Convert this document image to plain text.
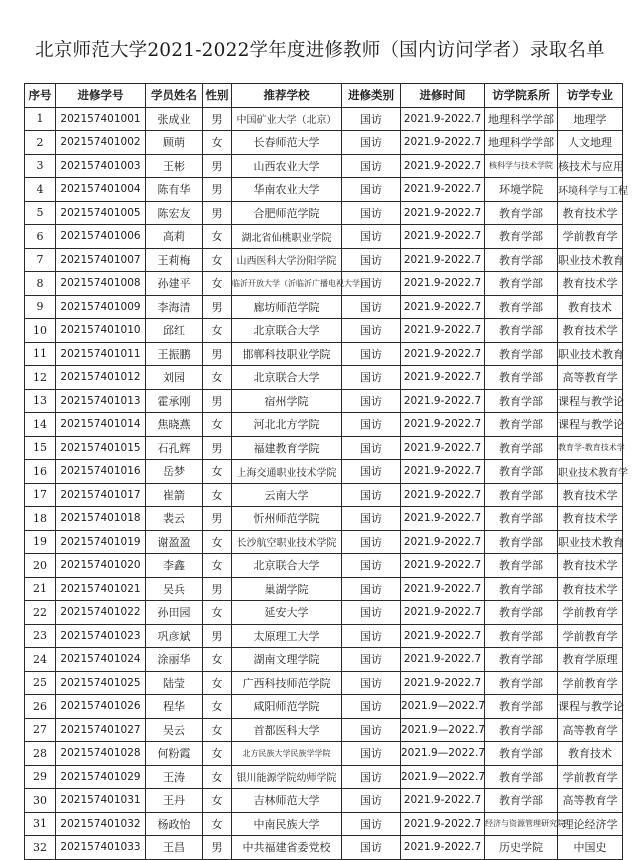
北京师范大学2021-2022学年度进修教师（国内访问学者）录取名单
序号	进修学号	学员姓名	性别	推荐学校	进修类别	进修时间	访学院系所	访学专业
1	202157401001	张成业	男	中国矿业大学（北京）	国访	2021.9-2022.7	地理科学学部	地理学
2	202157401002	顾萌	女	长春师范大学	国访	2021.9-2022.7	地理科学学部	人文地理
3	202157401003	王彬	男	山西农业大学	国访	2021.9-2022.7	核科学与技术学院	核技术与应用
4	202157401004	陈有华	男	华南农业大学	国访	2021.9-2022.7	环境学院	环境科学与工程
5	202157401005	陈宏友	男	合肥师范学院	国访	2021.9-2022.7	教育学部	教育技术学
6	202157401006	高莉	女	湖北省仙桃职业学院	国访	2021.9-2022.7	教育学部	学前教育学
7	202157401007	王莉梅	女	山西医科大学汾阳学院	国访	2021.9-2022.7	教育学部	职业技术教育
8	202157401008	孙建平	女	临沂开放大学（沂临沂广播电视大学）	国访	2021.9-2022.7	教育学部	教育技术学
9	202157401009	李海清	男	廊坊师范学院	国访	2021.9-2022.7	教育学部	教育技术
10	202157401010	邱红	女	北京联合大学	国访	2021.9-2022.7	教育学部	教育技术学
11	202157401011	王振鹏	男	邯郸科技职业学院	国访	2021.9-2022.7	教育学部	职业技术教育
12	202157401012	刘园	女	北京联合大学	国访	2021.9-2022.7	教育学部	高等教育学
13	202157401013	霍承刚	男	宿州学院	国访	2021.9-2022.7	教育学部	课程与教学论
14	202157401014	焦晓燕	女	河北北方学院	国访	2021.9-2022.7	教育学部	课程与教学论
15	202157401015	石孔辉	男	福建教育学院	国访	2021.9-2022.7	教育学部	教育学-教育技术学
16	202157401016	岳梦	女	上海交通职业技术学院	国访	2021.9-2022.7	教育学部	职业技术教育学
17	202157401017	崔箭	女	云南大学	国访	2021.9-2022.7	教育学部	教育技术学
18	202157401018	裴云	男	忻州师范学院	国访	2021.9-2022.7	教育学部	教育技术学
19	202157401019	谢盈盈	女	长沙航空职业技术学院	国访	2021.9-2022.7	教育学部	职业技术教育
20	202157401020	李鑫	女	北京联合大学	国访	2021.9-2022.7	教育学部	教育技术学
21	202157401021	吴兵	男	巢湖学院	国访	2021.9-2022.7	教育学部	教育技术学
22	202157401022	孙田园	女	延安大学	国访	2021.9-2022.7	教育学部	学前教育学
23	202157401023	巩彦斌	男	太原理工大学	国访	2021.9-2022.7	教育学部	学前教育学
24	202157401024	涂丽华	女	湖南文理学院	国访	2021.9-2022.7	教育学部	教育学原理
25	202157401025	陆莹	女	广西科技师范学院	国访	2021.9-2022.7	教育学部	学前教育学
26	202157401026	程华	女	咸阳师范学院	国访	2021.9—2022.7	教育学部	课程与教学论
27	202157401027	吴云	女	首都医科大学	国访	2021.9—2022.7	教育学部	高等教育学
28	202157401028	何粉霞	女	北方民族大学民族学学院	国访	2021.9—2022.7	教育学部	教育技术
29	202157401029	王涛	女	银川能源学院幼师学院	国访	2021.9—2022.7	教育学部	学前教育学
30	202157401031	王丹	女	吉林师范大学	国访	2021.9-2022.7	教育学部	高等教育学
31	202157401032	杨政怡	女	中南民族大学	国访	2021.9-2022.7	经济与资源管理研究院	理论经济学
32	202157401033	王昌	男	中共福建省委党校	国访	2021.9-2022.7	历史学院	中国史
